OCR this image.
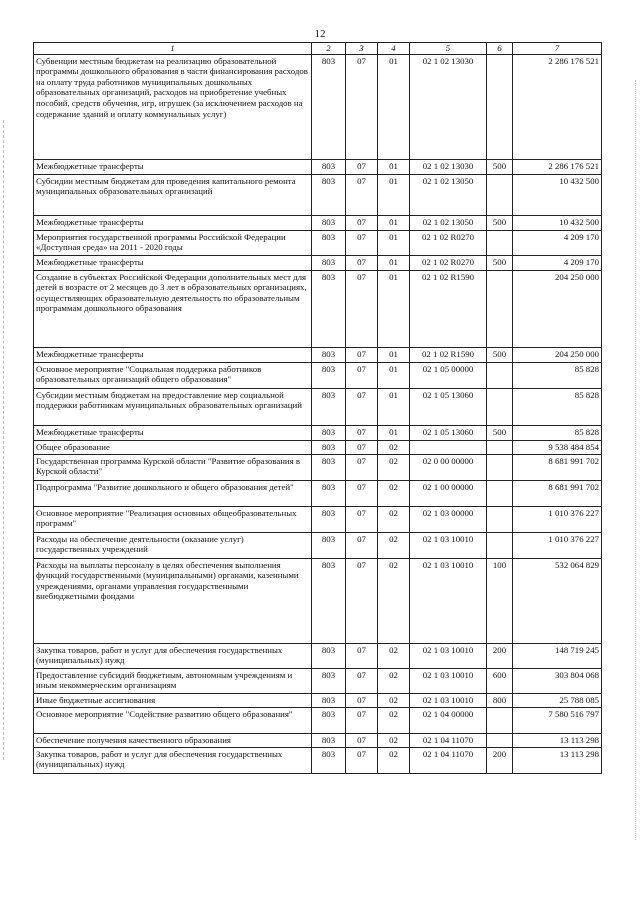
12
1	2	3	4	5	6	7
Субвенции местным бюджетам на реализацию образовательной программы дошкольного образования в части финансирования расходов на оплату труда работников муниципальных дошкольных образовательных организаций, расходов на приобретение учебных пособий, средств обучения, игр, игрушек (за исключением расходов на содержание зданий и оплату коммунальных услуг)	803	07	01	02 1 02 13030		2 286 176 521
Межбюджетные трансферты	803	07	01	02 1 02 13030	500	2 286 176 521
Субсидии местным бюджетам для проведения капитального ремонта муниципальных образовательных организаций	803	07	01	02 1 02 13050		10 432 500
Межбюджетные трансферты	803	07	01	02 1 02 13050	500	10 432 500
Мероприятия государственной программы Российской Федерации «Доступная среда» на 2011 - 2020 годы	803	07	01	02 1 02 R0270		4 209 170
Межбюджетные трансферты	803	07	01	02 1 02 R0270	500	4 209 170
Создание в субъектах Российской Федерации дополнительных мест для детей в возрасте от 2 месяцев до 3 лет в образовательных организациях, осуществляющих образовательную деятельность по образовательным программам дошкольного образования	803	07	01	02 1 02 R1590		204 250 000
Межбюджетные трансферты	803	07	01	02 1 02 R1590	500	204 250 000
Основное мероприятие "Социальная поддержка работников образовательных организаций общего образования"	803	07	01	02 1 05 00000		85 828
Субсидии местным бюджетам на предоставление мер социальной поддержки работникам муниципальных образовательных организаций	803	07	01	02 1 05 13060		85 828
Межбюджетные трансферты	803	07	01	02 1 05 13060	500	85 828
Общее образование	803	07	02			9 538 484 854
Государственная программа Курской области "Развитие образования в Курской области"	803	07	02	02 0 00 00000		8 681 991 702
Подпрограмма "Развитие дошкольного и общего образования детей"	803	07	02	02 1 00 00000		8 681 991 702
Основное мероприятие "Реализация основных общеобразовательных программ"	803	07	02	02 1 03 00000		1 010 376 227
Расходы на обеспечение деятельности (оказание услуг) государственных учреждений	803	07	02	02 1 03 10010		1 010 376 227
Расходы на выплаты персоналу в целях обеспечения выполнения функций государственными (муниципальными) органами, казенными учреждениями, органами управления государственными внебюджетными фондами	803	07	02	02 1 03 10010	100	532 064 829
Закупка товаров, работ и услуг для обеспечения государственных (муниципальных) нужд	803	07	02	02 1 03 10010	200	148 719 245
Предоставление субсидий бюджетным, автономным учреждениям и иным некоммерческим организациям	803	07	02	02 1 03 10010	600	303 804 068
Иные бюджетные ассигнования	803	07	02	02 1 03 10010	800	25 788 085
Основное мероприятие "Содействие развитию общего образования"	803	07	02	02 1 04 00000		7 580 516 797
Обеспечение получения качественного образования	803	07	02	02 1 04 11070		13 113 298
Закупка товаров, работ и услуг для обеспечения государственных (муниципальных) нужд	803	07	02	02 1 04 11070	200	13 113 298
